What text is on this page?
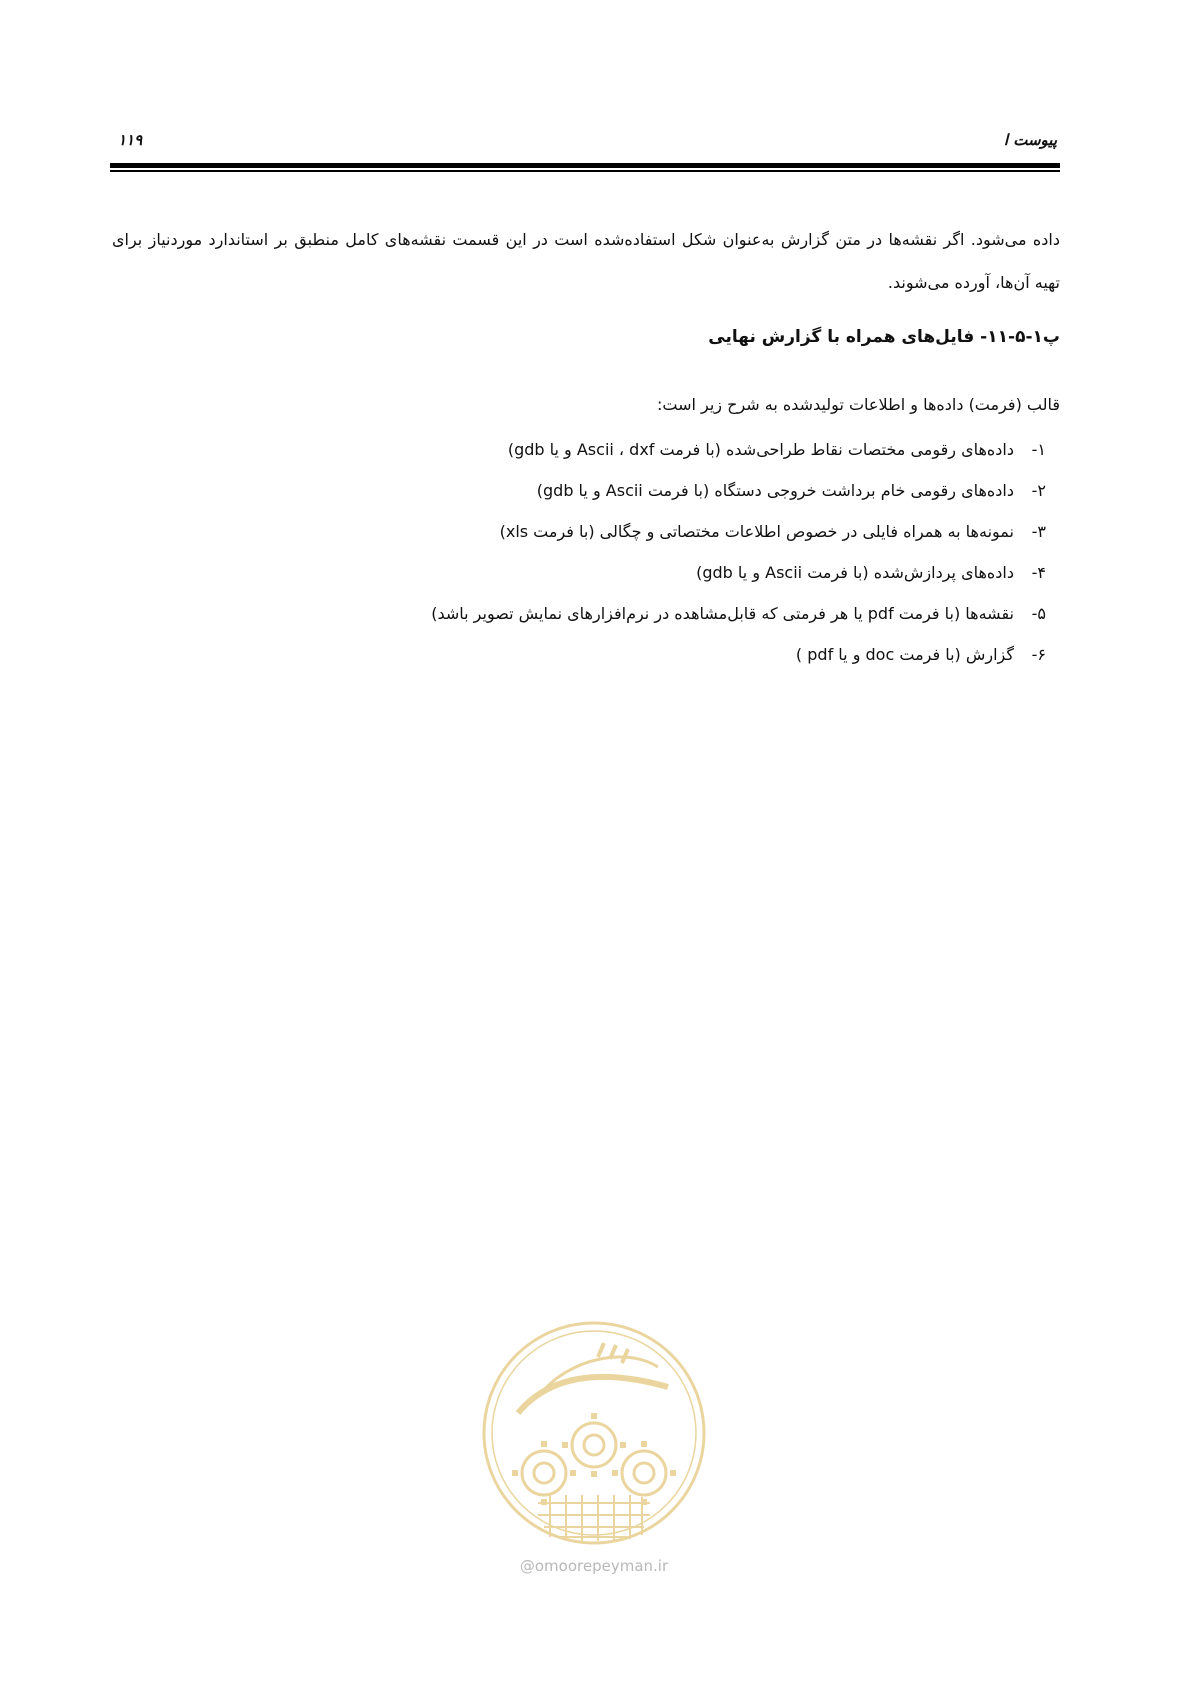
پیوست ا
۱۱۹
داده می‌شود. اگر نقشه‌ها در متن گزارش به‌عنوان شکل استفاده‌شده است در این قسمت نقشه‌های کامل منطبق بر استاندارد موردنیاز برای تهیه آن‌ها، آورده می‌شوند.
پ۱-۵-۱۱- فایل‌های همراه با گزارش نهایی
قالب (فرمت) داده‌ها و اطلاعات تولیدشده به شرح زیر است:
۱-داده‌های رقومی مختصات نقاط طراحی‌شده (با فرمت Ascii ، dxf و یا gdb)
۲-داده‌های رقومی خام برداشت خروجی دستگاه (با فرمت Ascii و یا gdb)
۳-نمونه‌ها به همراه فایلی در خصوص اطلاعات مختصاتی و چگالی (با فرمت xls)
۴-داده‌های پردازش‌شده (با فرمت Ascii و یا gdb)
۵-نقشه‌ها (با فرمت pdf یا هر فرمتی که قابل‌مشاهده در نرم‌افزارهای نمایش تصویر باشد)
۶-گزارش (با فرمت doc و یا pdf )
@omoorepeyman.ir
